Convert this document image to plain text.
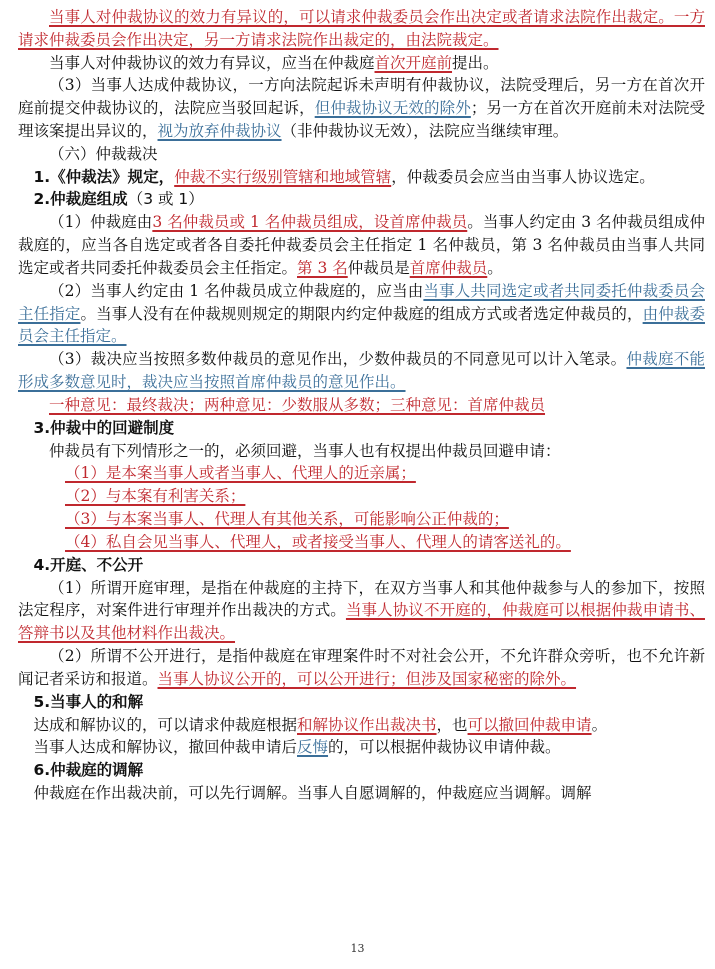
当事人对仲裁协议的效力有异议的，可以请求仲裁委员会作出决定或者请求法院作出裁定。一方请求仲裁委员会作出决定，另一方请求法院作出裁定的，由法院裁定。

当事人对仲裁协议的效力有异议，应当在仲裁庭首次开庭前提出。

（3）当事人达成仲裁协议，一方向法院起诉未声明有仲裁协议，法院受理后，另一方在首次开庭前提交仲裁协议的，法院应当驳回起诉，但仲裁协议无效的除外；另一方在首次开庭前未对法院受理该案提出异议的，视为放弃仲裁协议（非仲裁协议无效），法院应当继续审理。

（六）仲裁裁决

1.《仲裁法》规定，仲裁不实行级别管辖和地域管辖，仲裁委员会应当由当事人协议选定。

2.仲裁庭组成（3 或 1）

（1）仲裁庭由3 名仲裁员或 1 名仲裁员组成，设首席仲裁员。当事人约定由 3 名仲裁员组成仲裁庭的，应当各自选定或者各自委托仲裁委员会主任指定 1 名仲裁员，第 3 名仲裁员由当事人共同选定或者共同委托仲裁委员会主任指定。第 3 名仲裁员是首席仲裁员。

（2）当事人约定由 1 名仲裁员成立仲裁庭的，应当由当事人共同选定或者共同委托仲裁委员会主任指定。当事人没有在仲裁规则规定的期限内约定仲裁庭的组成方式或者选定仲裁员的，由仲裁委员会主任指定。

（3）裁决应当按照多数仲裁员的意见作出，少数仲裁员的不同意见可以计入笔录。仲裁庭不能形成多数意见时，裁决应当按照首席仲裁员的意见作出。

一种意见：最终裁决；两种意见：少数服从多数；三种意见：首席仲裁员

3.仲裁中的回避制度

仲裁员有下列情形之一的，必须回避，当事人也有权提出仲裁员回避申请：

（1）是本案当事人或者当事人、代理人的近亲属；

（2）与本案有利害关系；

（3）与本案当事人、代理人有其他关系，可能影响公正仲裁的；

（4）私自会见当事人、代理人，或者接受当事人、代理人的请客送礼的。

4.开庭、不公开

（1）所谓开庭审理，是指在仲裁庭的主持下，在双方当事人和其他仲裁参与人的参加下，按照法定程序，对案件进行审理并作出裁决的方式。当事人协议不开庭的，仲裁庭可以根据仲裁申请书、答辩书以及其他材料作出裁决。

（2）所谓不公开进行，是指仲裁庭在审理案件时不对社会公开，不允许群众旁听，也不允许新闻记者采访和报道。当事人协议公开的，可以公开进行；但涉及国家秘密的除外。

5.当事人的和解

达成和解协议的，可以请求仲裁庭根据和解协议作出裁决书，也可以撤回仲裁申请。

当事人达成和解协议，撤回仲裁申请后反悔的，可以根据仲裁协议申请仲裁。

6.仲裁庭的调解

仲裁庭在作出裁决前，可以先行调解。当事人自愿调解的，仲裁庭应当调解。调解

13
